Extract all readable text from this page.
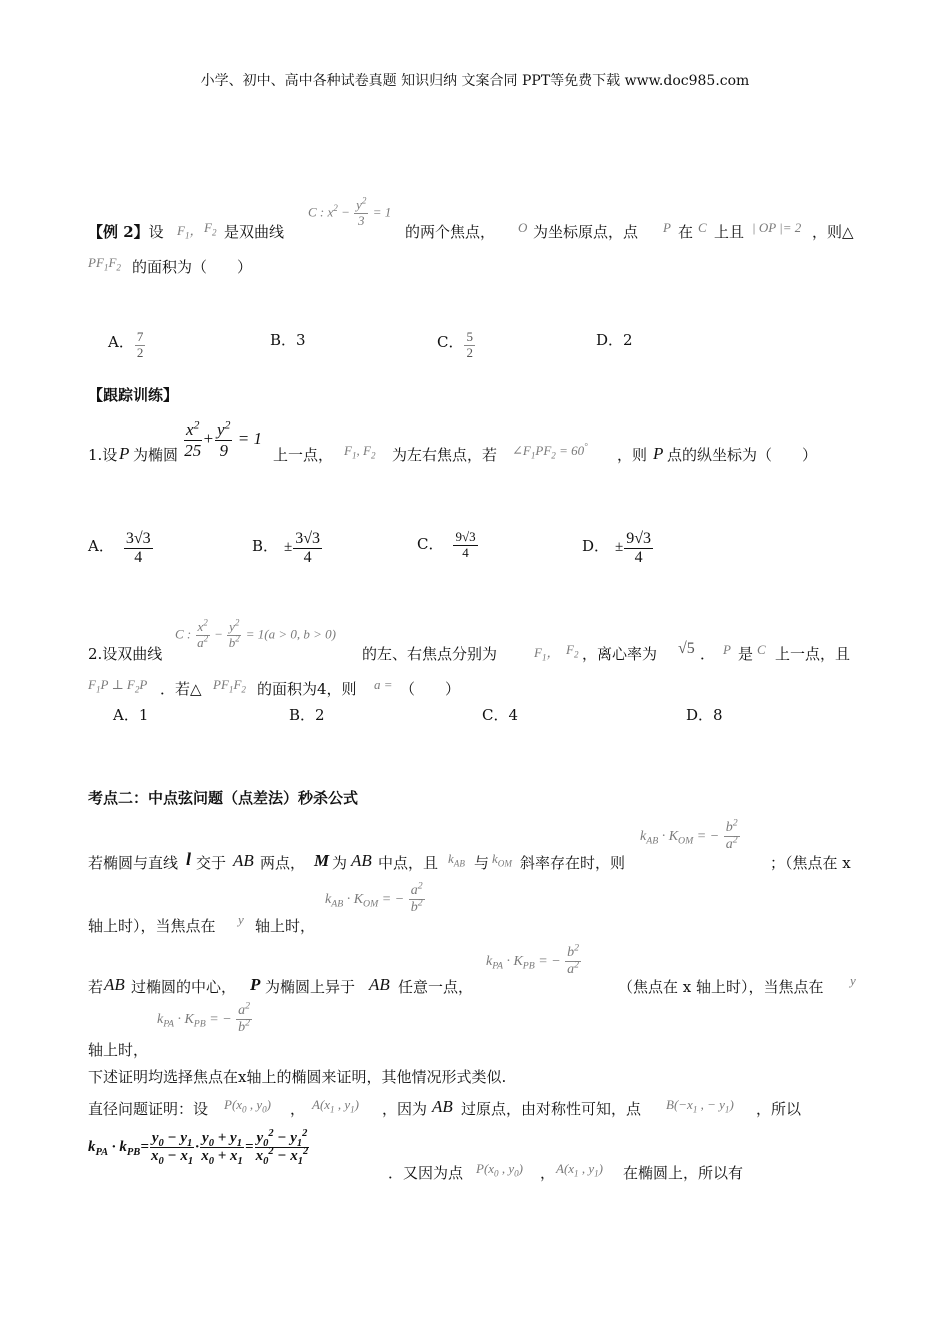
小学、初中、高中各种试卷真题 知识归纳 文案合同 PPT等免费下载 www.doc985.com
【例 2】设 $F_1$， $F_2$ 是双曲线
C : $x^2 - \frac{y^2}{3} = 1$
的两个焦点， O 为坐标原点，点 P 在 C 上且 | OP |= 2 ，则△
$PF_1F_2$ 的面积为（　　）
A． $\frac{7}{2}$	B．3	C． $\frac{5}{2}$	D．2
【跟踪训练】
1.设 P 为椭圆 $\frac{x^2}{25} + \frac{y^2}{9} = 1$
上一点， $F_1$, $F_2$ 为左右焦点，若 $\angle F_1PF_2 = 60^\circ$ ，则 P 点的纵坐标为（　　）
A． $\frac{3√3}{4}$	B． ± $\frac{3√3}{4}$	C． $\frac{9√3}{4}$	D． ± $\frac{9√3}{4}$
2.设双曲线
C : $\frac{x^2}{a^2} - \frac{y^2}{b^2} = 1(a > 0$, b > 0)
的左、右焦点分别为	$F_1$， $F_2$ ，离心率为 √5 ． P 是 C 上一点，且
$F_1P$ ⊥ $F_2P$ ．若△ $PF_1F_2$ 的面积为4，则 a = （　　）
A．1	B．2	C．4	D．8
考点二：中点弦问题（点差法）秒杀公式
若椭圆与直线 l 交于 AB 两点， M 为 AB 中点，且 $k_{AB}$ 与 $k_{OM}$ 斜率存在时，则
$k_{AB} \cdot K_{OM}$ = − $\frac{b^2}{a^2}$
；（焦点在 x
轴上时），当焦点在 y 轴上时，
$k_{AB} \cdot K_{OM}$ = − $\frac{a^2}{b^2}$
若 AB 过椭圆的中心， P 为椭圆上异于 AB 任意一点，
$k_{PA} \cdot K_{PB}$ = − $\frac{b^2}{a^2}$
（焦点在 x 轴上时），当焦点在 y
轴上时，
$k_{PA} \cdot K_{PB}$ = − $\frac{a^2}{b^2}$
下述证明均选择焦点在x轴上的椭圆来证明，其他情况形式类似.
直径问题证明：设 $P(x_0$ , $y_0$) ， $A(x_1$ , $y_1$) ，因为 AB 过原点，由对称性可知，点 $B(-x_1$ , − $y_1$) ，所以
$k_{PA} \cdot k_{PB}= \frac{y_0 - y_1}{x_0 - x_1} \cdot \frac{y_0 + y_1}{x_0 + x_1} = \frac{y_0^2 - y_1^2}{x_0^2 - x_1^2}$
．又因为点 $P(x_0$ , $y_0$) ， $A(x_1$ , $y_1$) 在椭圆上，所以有
